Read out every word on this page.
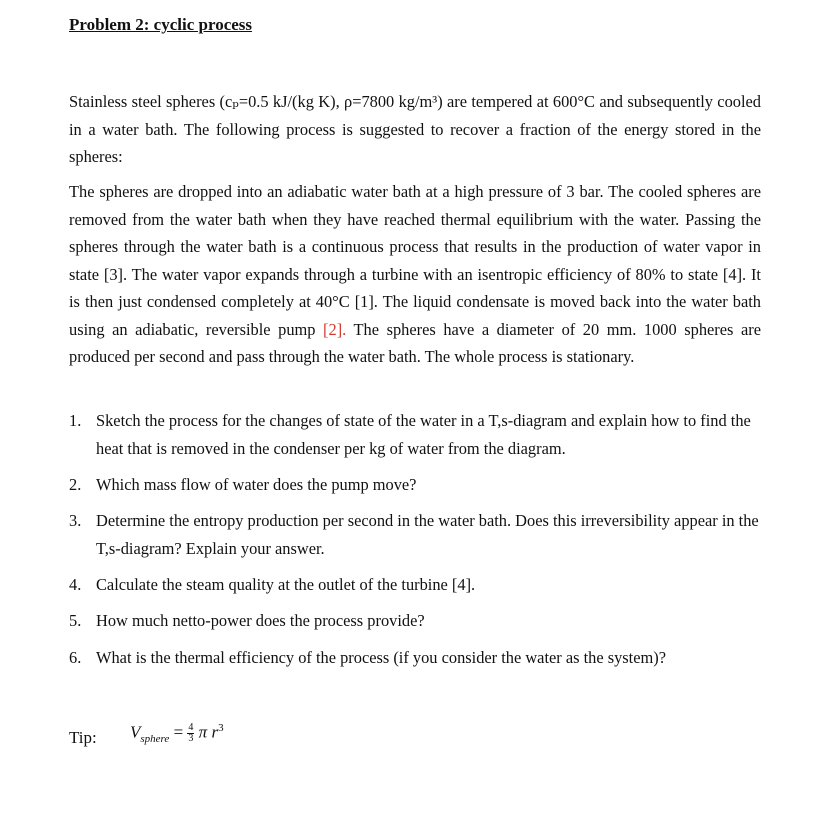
Problem 2: cyclic process

Stainless steel spheres (cₚ=0.5 kJ/(kg K), ρ=7800 kg/m³) are tempered at 600°C and subsequently cooled in a water bath. The following process is suggested to recover a fraction of the energy stored in the spheres:

The spheres are dropped into an adiabatic water bath at a high pressure of 3 bar. The cooled spheres are removed from the water bath when they have reached thermal equilibrium with the water. Passing the spheres through the water bath is a continuous process that results in the production of water vapor in state [3]. The water vapor expands through a turbine with an isentropic efficiency of 80% to state [4]. It is then just condensed completely at 40°C [1]. The liquid condensate is moved back into the water bath using an adiabatic, reversible pump [2]. The spheres have a diameter of 20 mm. 1000 spheres are produced per second and pass through the water bath. The whole process is stationary.

1. Sketch the process for the changes of state of the water in a T,s-diagram and explain how to find the heat that is removed in the condenser per kg of water from the diagram.
2. Which mass flow of water does the pump move?
3. Determine the entropy production per second in the water bath. Does this irreversibility appear in the T,s-diagram? Explain your answer.
4. Calculate the steam quality at the outlet of the turbine [4].
5. How much netto-power does the process provide?
6. What is the thermal efficiency of the process (if you consider the water as the system)?
Tip: $V_{sphere} = \frac{4}{3}$ π $r^3$
